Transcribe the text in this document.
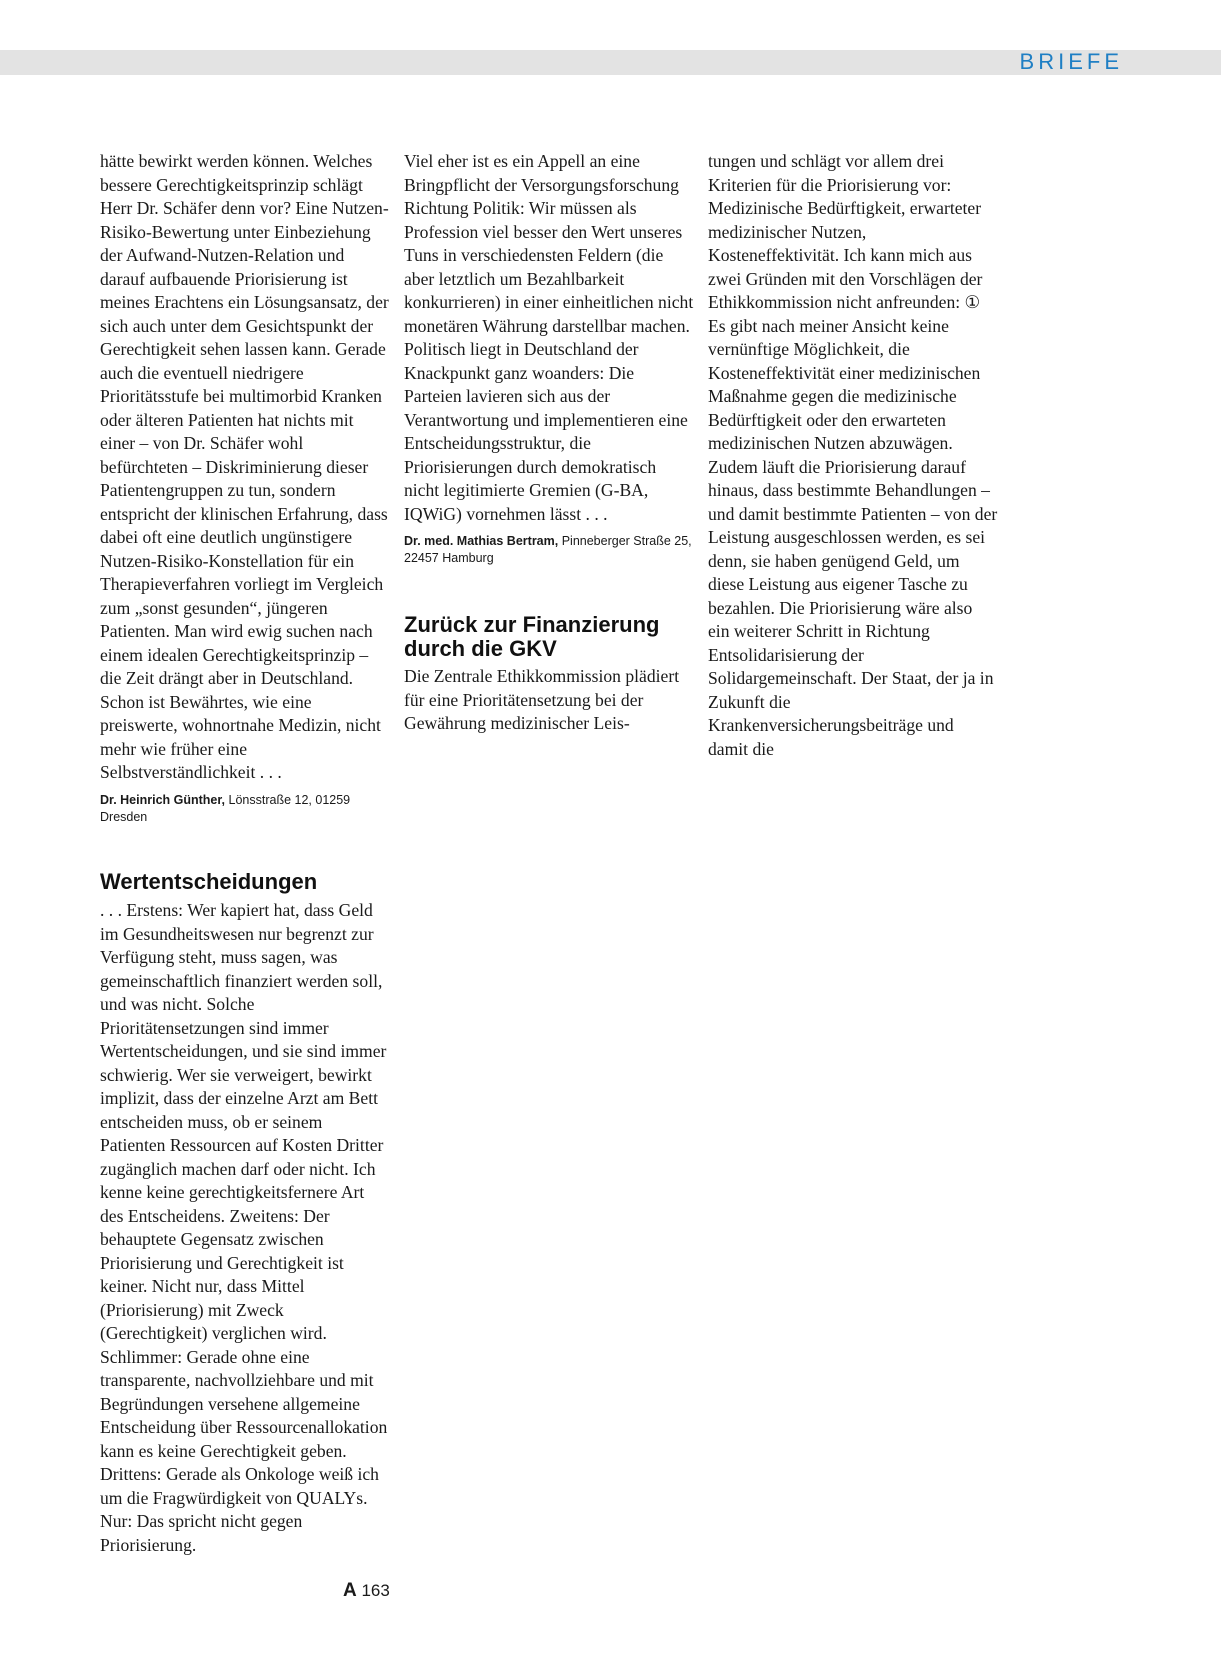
BRIEFE

hätte bewirkt werden können. Welches bessere Gerechtigkeitsprinzip schlägt Herr Dr. Schäfer denn vor? Eine Nutzen-Risiko-Bewertung unter Einbeziehung der Aufwand-Nutzen-Relation und darauf aufbauende Priorisierung ist meines Erachtens ein Lösungsansatz, der sich auch unter dem Gesichtspunkt der Gerechtigkeit sehen lassen kann. Gerade auch die eventuell niedrigere Prioritätsstufe bei multimorbid Kranken oder älteren Patienten hat nichts mit einer – von Dr. Schäfer wohl befürchteten – Diskriminierung dieser Patientengruppen zu tun, sondern entspricht der klinischen Erfahrung, dass dabei oft eine deutlich ungünstigere Nutzen-Risiko-Konstellation für ein Therapieverfahren vorliegt im Vergleich zum „sonst gesunden“, jüngeren Patienten. Man wird ewig suchen nach einem idealen Gerechtigkeitsprinzip – die Zeit drängt aber in Deutschland. Schon ist Bewährtes, wie eine preiswerte, wohnortnahe Medizin, nicht mehr wie früher eine Selbstverständlichkeit . . .

Dr. Heinrich Günther, Lönsstraße 12, 01259 Dresden

Wertentscheidungen

. . . Erstens: Wer kapiert hat, dass Geld im Gesundheitswesen nur begrenzt zur Verfügung steht, muss sagen, was gemeinschaftlich finanziert werden soll, und was nicht. Solche Prioritätensetzungen sind immer Wertentscheidungen, und sie sind immer schwierig. Wer sie verweigert, bewirkt implizit, dass der einzelne Arzt am Bett entscheiden muss, ob er seinem Patienten Ressourcen auf Kosten Dritter zugänglich machen darf oder nicht. Ich kenne keine gerechtigkeitsfernere Art des Entscheidens. Zweitens: Der behauptete Gegensatz zwischen Priorisierung und Gerechtigkeit ist keiner. Nicht nur, dass Mittel (Priorisierung) mit Zweck (Gerechtigkeit) verglichen wird. Schlimmer: Gerade ohne eine transparente, nachvollziehbare und mit Begründungen versehene allgemeine Entscheidung über Ressourcenallokation kann es keine Gerechtigkeit geben. Drittens: Gerade als Onkologe weiß ich um die Fragwürdigkeit von QUALYs. Nur: Das spricht nicht gegen Priorisierung.

Viel eher ist es ein Appell an eine Bringpflicht der Versorgungsforschung Richtung Politik: Wir müssen als Profession viel besser den Wert unseres Tuns in verschiedensten Feldern (die aber letztlich um Bezahlbarkeit konkurrieren) in einer einheitlichen nicht monetären Währung darstellbar machen. Politisch liegt in Deutschland der Knackpunkt ganz woanders: Die Parteien lavieren sich aus der Verantwortung und implementieren eine Entscheidungsstruktur, die Priorisierungen durch demokratisch nicht legitimierte Gremien (G-BA, IQWiG) vornehmen lässt . . .

Dr. med. Mathias Bertram, Pinneberger Straße 25, 22457 Hamburg

Zurück zur Finanzierung durch die GKV

Die Zentrale Ethikkommission plädiert für eine Prioritätensetzung bei der Gewährung medizinischer Leis-

tungen und schlägt vor allem drei Kriterien für die Priorisierung vor: Medizinische Bedürftigkeit, erwarteter medizinischer Nutzen, Kosteneffektivität. Ich kann mich aus zwei Gründen mit den Vorschlägen der Ethikkommission nicht anfreunden: ① Es gibt nach meiner Ansicht keine vernünftige Möglichkeit, die Kosteneffektivität einer medizinischen Maßnahme gegen die medizinische Bedürftigkeit oder den erwarteten medizinischen Nutzen abzuwägen. Zudem läuft die Priorisierung darauf hinaus, dass bestimmte Behandlungen – und damit bestimmte Patienten – von der Leistung ausgeschlossen werden, es sei denn, sie haben genügend Geld, um diese Leistung aus eigener Tasche zu bezahlen. Die Priorisierung wäre also ein weiterer Schritt in Richtung Entsolidarisierung der Solidargemeinschaft. Der Staat, der ja in Zukunft die Krankenversicherungsbeiträge und damit die

A 163
